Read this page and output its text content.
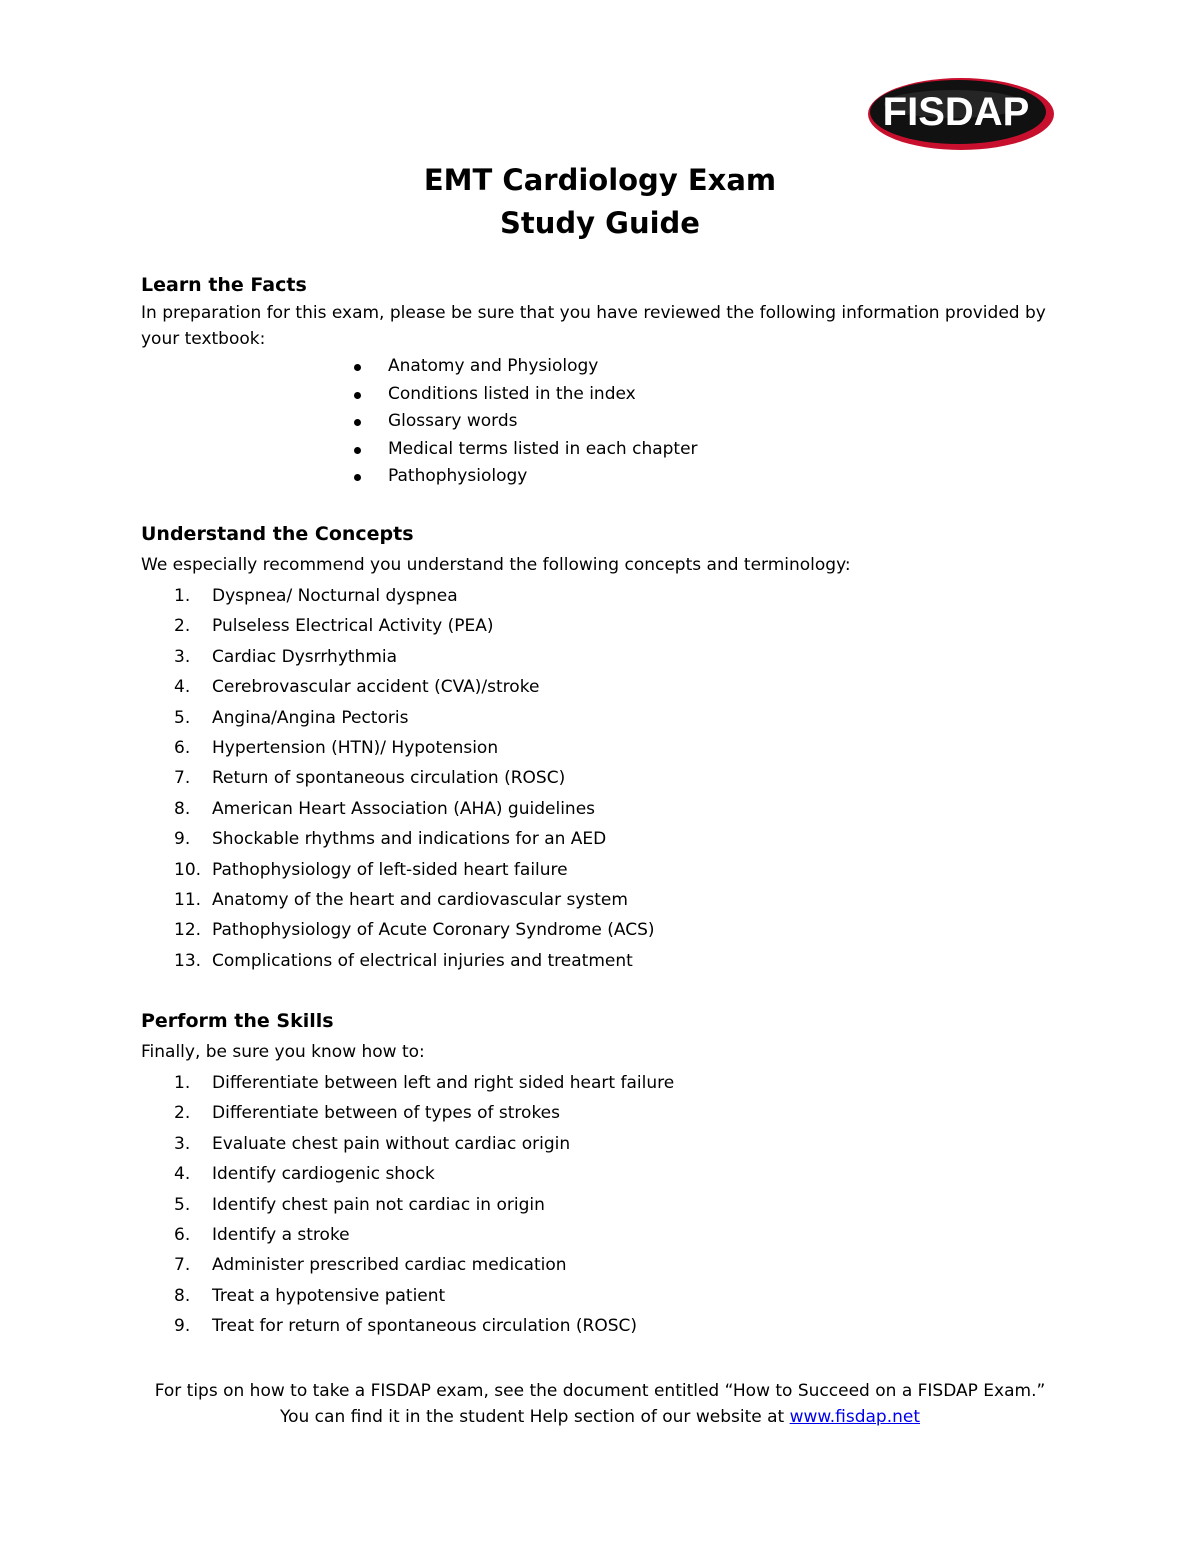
FISDAP
EMT Cardiology Exam
Study Guide
Learn the Facts
In preparation for this exam, please be sure that you have reviewed the following information provided by your textbook:
Anatomy and Physiology
Conditions listed in the index
Glossary words
Medical terms listed in each chapter
Pathophysiology
Understand the Concepts
We especially recommend you understand the following concepts and terminology:
1.	Dyspnea/ Nocturnal dyspnea
2.	Pulseless Electrical Activity (PEA)
3.	Cardiac Dysrrhythmia
4.	Cerebrovascular accident (CVA)/stroke
5.	Angina/Angina Pectoris
6.	Hypertension (HTN)/ Hypotension
7.	Return of spontaneous circulation (ROSC)
8.	American Heart Association (AHA) guidelines
9.	Shockable rhythms and indications for an AED
10. Pathophysiology of left-sided heart failure
11. Anatomy of the heart and cardiovascular system
12. Pathophysiology of Acute Coronary Syndrome (ACS)
13. Complications of electrical injuries and treatment
Perform the Skills
Finally, be sure you know how to:
1.	Differentiate between left and right sided heart failure
2.	Differentiate between of types of strokes
3.	Evaluate chest pain without cardiac origin
4.	Identify cardiogenic shock
5.	Identify chest pain not cardiac in origin
6.	Identify a stroke
7.	Administer prescribed cardiac medication
8.	Treat a hypotensive patient
9.	Treat for return of spontaneous circulation (ROSC)
For tips on how to take a FISDAP exam, see the document entitled “How to Succeed on a FISDAP Exam.”
You can find it in the student Help section of our website at www.fisdap.net
